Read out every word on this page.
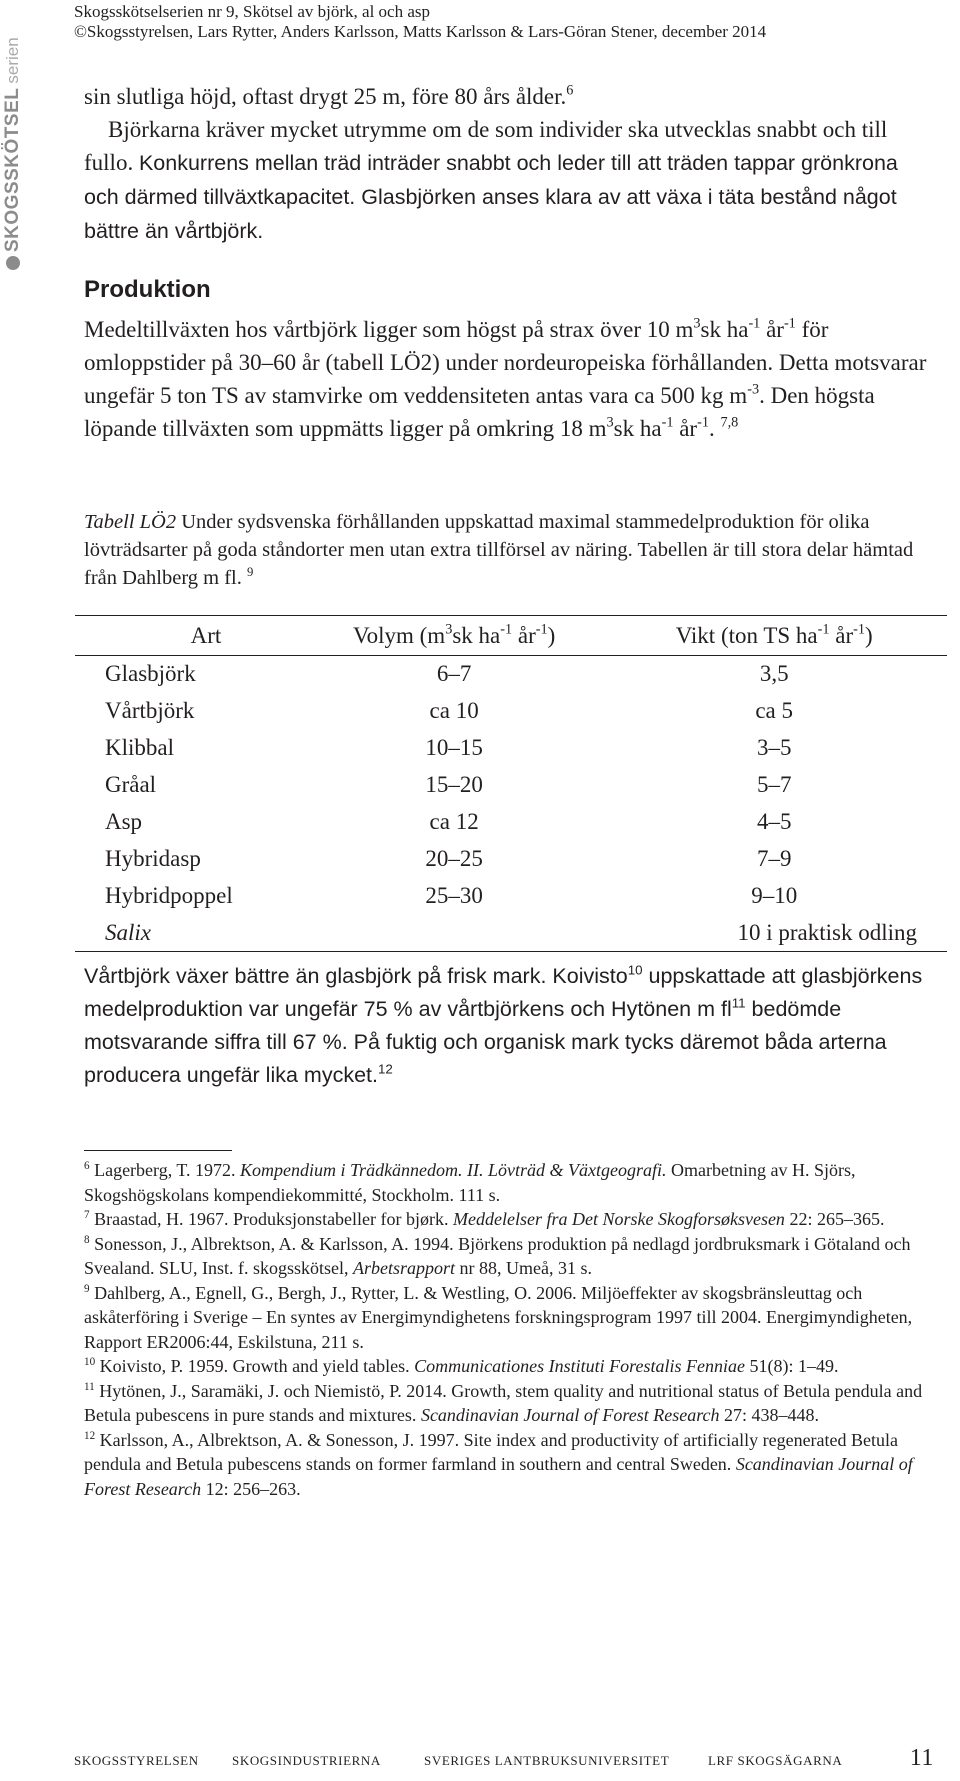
SKOGSSKÖTSEL
serien
Skogsskötselserien nr 9, Skötsel av björk, al och asp
©Skogsstyrelsen, Lars Rytter, Anders Karlsson, Matts Karlsson & Lars-Göran Stener, december 2014

sin slutliga höjd, oftast drygt 25 m, före 80 års ålder.$^6$

Björkarna kräver mycket utrymme om de som individer ska utvecklas snabbt och till fullo. Konkurrens mellan träd inträder snabbt och leder till att träden tappar grönkrona och därmed tillväxtkapacitet. Glasbjörken anses klara av att växa i täta bestånd något bättre än vårtbjörk.

Produktion

Medeltillväxten hos vårtbjörk ligger som högst på strax över 10 $m^3sk$ $ha^{-1}$ $år^{-1}$ för omloppstider på 30–60 år (tabell LÖ2) under nordeuropeiska förhållanden. Detta motsvarar ungefär 5 ton TS av stamvirke om veddensiteten antas vara ca 500 kg $m^{-3}$. Den högsta löpande tillväxten som uppmätts ligger på omkring 18 $m^3sk$ $ha^{-1}$ $år^{-1}$. $^{7,8}$

Tabell LÖ2 Under sydsvenska förhållanden uppskattad maximal stammedelproduktion för olika lövträdsarter på goda ståndorter men utan extra tillförsel av näring. Tabellen är till stora delar hämtad från Dahlberg m fl. $^9$

Art	Volym ($m^3sk$ $ha^{-1}$ $år^{-1}$)	Vikt (ton TS $ha^{-1}$ $år^{-1}$)
Glasbjörk	6–7	3,5
Vårtbjörk	ca 10	ca 5
Klibbal	10–15	3–5
Gråal	15–20	5–7
Asp	ca 12	4–5
Hybridasp	20–25	7–9
Hybridpoppel	25–30	9–10
Salix		10 i praktisk odling

Vårtbjörk växer bättre än glasbjörk på frisk mark. Koivisto$^{10}$ uppskattade att glasbjörkens medelproduktion var ungefär 75 % av vårtbjörkens och Hytönen m $fl^{11}$ bedömde motsvarande siffra till 67 %. På fuktig och organisk mark tycks däremot båda arterna producera ungefär lika mycket.$^{12}$

$^6$ Lagerberg, T. 1972. Kompendium i Trädkännedom. II. Lövträd & Växtgeografi. Omarbetning av H. Sjörs, Skogshögskolans kompendiekommitté, Stockholm. 111 s.

$^7$ Braastad, H. 1967. Produksjonstabeller for bjørk. Meddelelser fra Det Norske Skogforsøksvesen 22: 265–365.

$^8$ Sonesson, J., Albrektson, A. & Karlsson, A. 1994. Björkens produktion på nedlagd jordbruksmark i Götaland och Svealand. SLU, Inst. f. skogsskötsel, Arbetsrapport nr 88, Umeå, 31 s.

$^9$ Dahlberg, A., Egnell, G., Bergh, J., Rytter, L. & Westling, O. 2006. Miljöeffekter av skogsbränsleuttag och askåterföring i Sverige – En syntes av Energimyndighetens forskningsprogram 1997 till 2004. Energimyndigheten, Rapport ER2006:44, Eskilstuna, 211 s.

$^{10}$ Koivisto, P. 1959. Growth and yield tables. Communicationes Instituti Forestalis Fenniae 51(8): 1–49.

$^{11}$ Hytönen, J., Saramäki, J. och Niemistö, P. 2014. Growth, stem quality and nutritional status of Betula pendula and Betula pubescens in pure stands and mixtures. Scandinavian Journal of Forest Research 27: 438–448.

$^{12}$ Karlsson, A., Albrektson, A. & Sonesson, J. 1997. Site index and productivity of artificially regenerated Betula pendula and Betula pubescens stands on former farmland in southern and central Sweden. Scandinavian Journal of Forest Research 12: 256–263.

SKOGSSTYRELSEN	SKOGSINDUSTRIERNA	SVERIGES LANTBRUKSUNIVERSITET	LRF SKOGSÄGARNA	11
